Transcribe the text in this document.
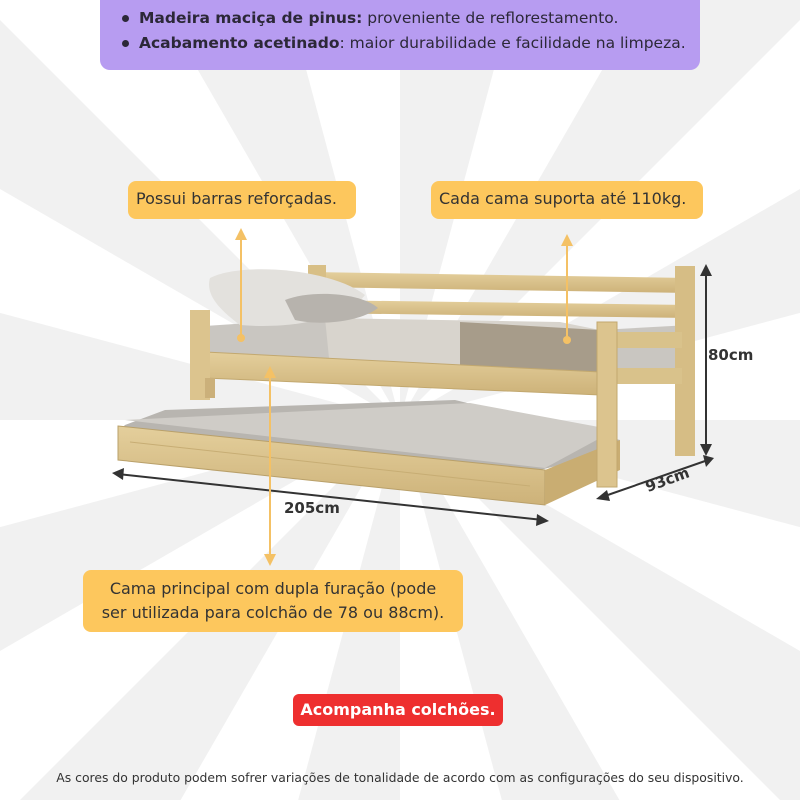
Madeira maciça de pinus: proveniente de reflorestamento.
Acabamento acetinado : maior durabilidade e facilidade na limpeza.
Possui barras reforçadas.	Cada cama suporta até 110kg.
Cama principal com dupla furação (pode
ser utilizada para colchão de 78 ou 88cm).
80cm
93cm
205cm
Acompanha colchões.
As cores do produto podem sofrer variações de tonalidade de acordo com as configurações do seu dispositivo.
